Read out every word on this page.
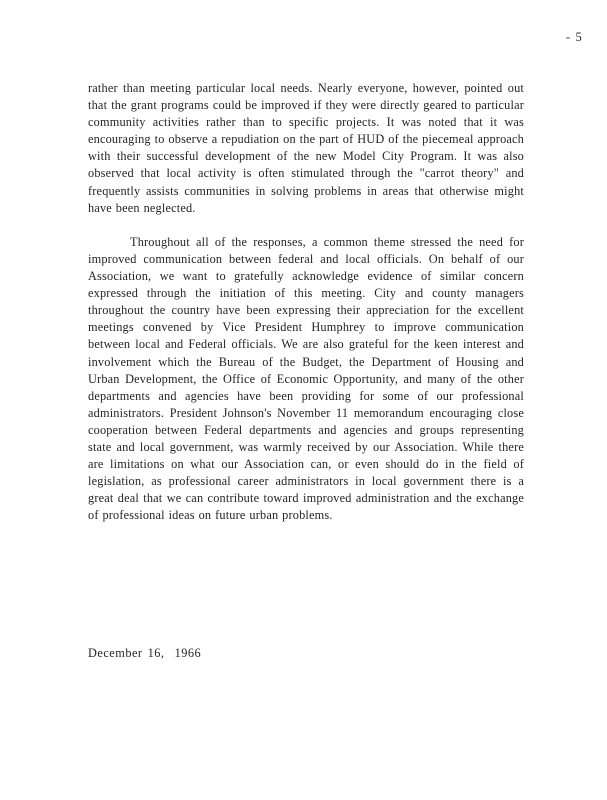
- 5

rather than meeting particular local needs. Nearly everyone, however, pointed out that the grant programs could be improved if they were directly geared to particular community activities rather than to specific projects. It was noted that it was encouraging to observe a repudiation on the part of HUD of the piecemeal approach with their successful development of the new Model City Program. It was also observed that local activity is often stimulated through the "carrot theory" and frequently assists communities in solving problems in areas that otherwise might have been neglected.

Throughout all of the responses, a common theme stressed the need for improved communication between federal and local officials. On behalf of our Association, we want to gratefully acknowledge evidence of similar concern expressed through the initiation of this meeting. City and county managers throughout the country have been expressing their appreciation for the excellent meetings convened by Vice President Humphrey to improve communication between local and Federal officials. We are also grateful for the keen interest and involvement which the Bureau of the Budget, the Department of Housing and Urban Development, the Office of Economic Opportunity, and many of the other departments and agencies have been providing for some of our professional administrators. President Johnson's November 11 memorandum encouraging close cooperation between Federal departments and agencies and groups representing state and local government, was warmly received by our Association. While there are limitations on what our Association can, or even should do in the field of legislation, as professional career administrators in local government there is a great deal that we can contribute toward improved administration and the exchange of professional ideas on future urban problems.

December 16,  1966
